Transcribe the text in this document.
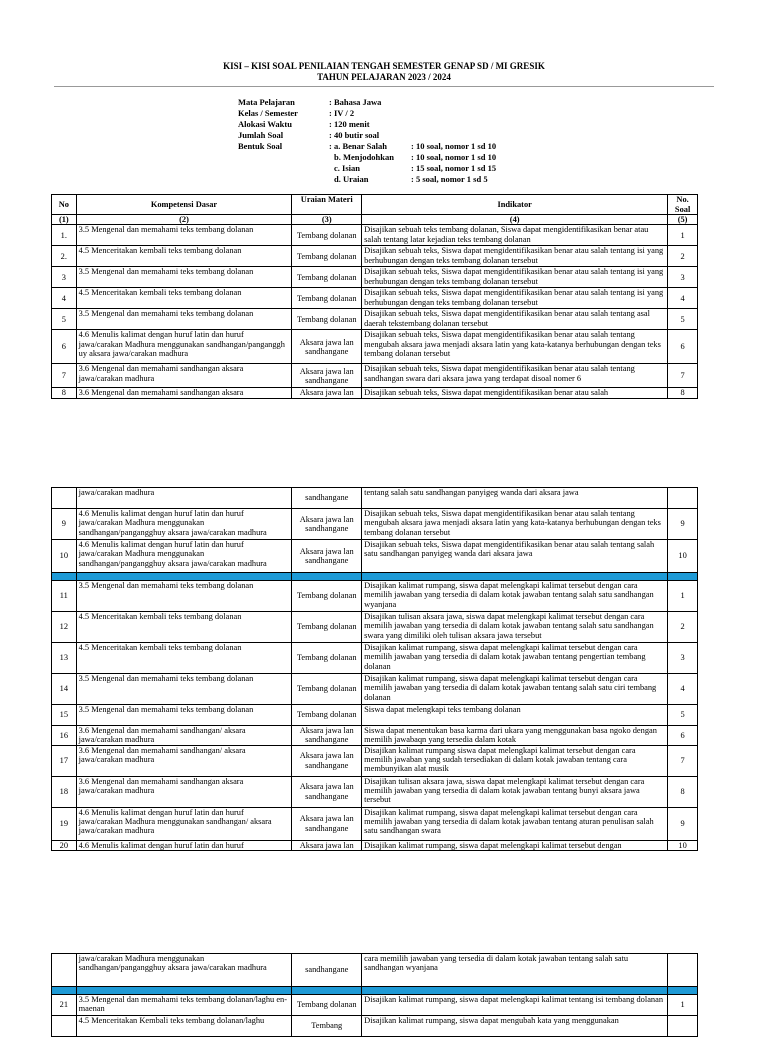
KISI – KISI SOAL PENILAIAN TENGAH SEMESTER GENAP SD / MI GRESIK
TAHUN PELAJARAN 2023 / 2024
Mata Pelajaran	: Bahasa Jawa
Kelas / Semester	: IV / 2
Alokasi Waktu	: 120 menit
Jumlah Soal	: 40 butir soal
Bentuk Soal	: a. Benar Salah	: 10 soal, nomor 1 sd 10
b. Menjodohkan : 10 soal, nomor 1 sd 10
c. Isian	: 15 soal, nomor 1 sd 15
d. Uraian	: 5 soal, nomor 1 sd 5
No	Kompetensi Dasar	Uraian Materi	Indikator	No. Soal
(1)	(2)	(3)	(4)	(5)
1.	3.5 Mengenal dan memahami teks tembang dolanan	Tembang dolanan	Disajikan sebuah teks tembang dolanan, Siswa dapat mengidentifikasikan benar atau salah tentang latar kejadian teks tembang dolanan	1
2.	4.5 Menceritakan kembali teks tembang dolanan	Tembang dolanan	Disajikan sebuah teks, Siswa dapat mengidentifikasikan benar atau salah tentang isi yang berhubungan dengan teks tembang dolanan tersebut	2
3	3.5 Mengenal dan memahami teks tembang dolanan	Tembang dolanan	Disajikan sebuah teks, Siswa dapat mengidentifikasikan benar atau salah tentang isi yang berhubungan dengan teks tembang dolanan tersebut	3
4	4.5 Menceritakan kembali teks tembang dolanan	Tembang dolanan	Disajikan sebuah teks, Siswa dapat mengidentifikasikan benar atau salah tentang isi yang berhubungan dengan teks tembang dolanan tersebut	4
5	3.5 Mengenal dan memahami teks tembang dolanan	Tembang dolanan	Disajikan sebuah teks, Siswa dapat mengidentifikasikan benar atau salah tentang asal daerah tekstembang dolanan tersebut	5
6	4.6 Menulis kalimat dengan huruf latin dan huruf jawa/carakan Madhura menggunakan sandhangan/panganggh​uy aksara jawa/carakan madhura	Aksara jawa lan sandhangane	Disajikan sebuah teks, Siswa dapat mengidentifikasikan benar atau salah tentang mengubah aksara jawa menjadi aksara latin yang kata-katanya berhubungan dengan teks tembang dolanan tersebut	6
7	3.6 Mengenal dan memahami sandhangan aksara jawa/carakan madhura	Aksara jawa lan sandhangane	Disajikan sebuah teks, Siswa dapat mengidentifikasikan benar atau salah tentang sandhangan swara dari aksara jawa yang terdapat disoal nomer 6	7
8	3.6 Mengenal dan memahami sandhangan aksara	Aksara jawa lan	Disajikan sebuah teks, Siswa dapat mengidentifikasikan benar atau salah	8
	jawa/carakan madhura	sandhangane	tentang salah satu sandhangan panyigeg wanda dari aksara jawa	
9	4.6 Menulis kalimat dengan huruf latin dan huruf jawa/carakan Madhura menggunakan sandhangan/pangangghuy aksara jawa/carakan madhura	Aksara jawa lan sandhangane	Disajikan sebuah teks, Siswa dapat mengidentifikasikan benar atau salah tentang mengubah aksara jawa menjadi aksara latin yang kata-katanya berhubungan dengan teks tembang dolanan tersebut	9
10	4.6 Menulis kalimat dengan huruf latin dan huruf jawa/carakan Madhura menggunakan sandhangan/pangangghuy aksara jawa/carakan madhura	Aksara jawa lan sandhangane	Disajikan sebuah teks, Siswa dapat mengidentifikasikan benar atau salah tentang salah satu sandhangan panyigeg wanda dari aksara jawa	10

11	3.5 Mengenal dan memahami teks tembang dolanan	Tembang dolanan	Disajikan kalimat rumpang, siswa dapat melengkapi kalimat tersebut dengan cara memilih jawaban yang tersedia di dalam kotak jawaban tentang salah satu sandhangan wyanjana	1
12	4.5 Menceritakan kembali teks tembang dolanan	Tembang dolanan	Disajikan tulisan aksara jawa, siswa dapat melengkapi kalimat tersebut dengan cara memilih jawaban yang tersedia di dalam kotak jawaban tentang salah satu sandhangan swara yang dimiliki oleh tulisan aksara jawa tersebut	2
13	4.5 Menceritakan kembali teks tembang dolanan	Tembang dolanan	Disajikan kalimat rumpang, siswa dapat melengkapi kalimat tersebut dengan cara memilih jawaban yang tersedia di dalam kotak jawaban tentang pengertian tembang dolanan	3
14	3.5 Mengenal dan memahami teks tembang dolanan	Tembang dolanan	Disajikan kalimat rumpang, siswa dapat melengkapi kalimat tersebut dengan cara memilih jawaban yang tersedia di dalam kotak jawaban tentang salah satu ciri tembang dolanan	4
15	3.5 Mengenal dan memahami teks tembang dolanan	Tembang dolanan	Siswa dapat melengkapi teks tembang dolanan	5
16	3.6 Mengenal dan memahami sandhangan/ aksara jawa/carakan madhura	Aksara jawa lan sandhangane	Siswa dapat menentukan basa karma dari ukara yang menggunakan basa ngoko dengan memilih jawabaqn yang tersedia dalam kotak	6
17	3.6 Mengenal dan memahami sandhangan/ aksara jawa/carakan madhura	Aksara jawa lan sandhangane	Disajikan kalimat rumpang siswa dapat melengkapi kalimat tersebut dengan cara memilih jawaban yang sudah tersediakan di dalam kotak jawaban tentang cara membunyikan alat musik	7
18	3.6 Mengenal dan memahami sandhangan aksara jawa/carakan madhura	Aksara jawa lan sandhangane	Disajikan tulisan aksara jawa, siswa dapat melengkapi kalimat tersebut dengan cara memilih jawaban yang tersedia di dalam kotak jawaban tentang bunyi aksara jawa tersebut	8
19	4.6 Menulis kalimat dengan huruf latin dan huruf jawa/carakan Madhura menggunakan sandhangan/ aksara jawa/carakan madhura	Aksara jawa lan sandhangane	Disajikan kalimat rumpang, siswa dapat melengkapi kalimat tersebut dengan cara memilih jawaban yang tersedia di dalam kotak jawaban tentang aturan penulisan salah satu sandhangan swara	9
20	4.6 Menulis kalimat dengan huruf latin dan huruf	Aksara jawa lan	Disajikan kalimat rumpang, siswa dapat melengkapi kalimat tersebut dengan	10
	jawa/carakan Madhura menggunakan sandhangan/pangangghuy aksara jawa/carakan madhura	sandhangane	cara memilih jawaban yang tersedia di dalam kotak jawaban tentang salah satu sandhangan wyanjana	

21	3.5 Mengenal dan memahami teks tembang dolanan/laghu en-maenan	Tembang dolanan	Disajikan kalimat rumpang, siswa dapat melengkapi kalimat tentang isi tembang dolanan	1
	4.5 Menceritakan Kembali teks tembang dolanan/laghu	Tembang	Disajikan kalimat rumpang, siswa dapat mengubah kata yang menggunakan	
